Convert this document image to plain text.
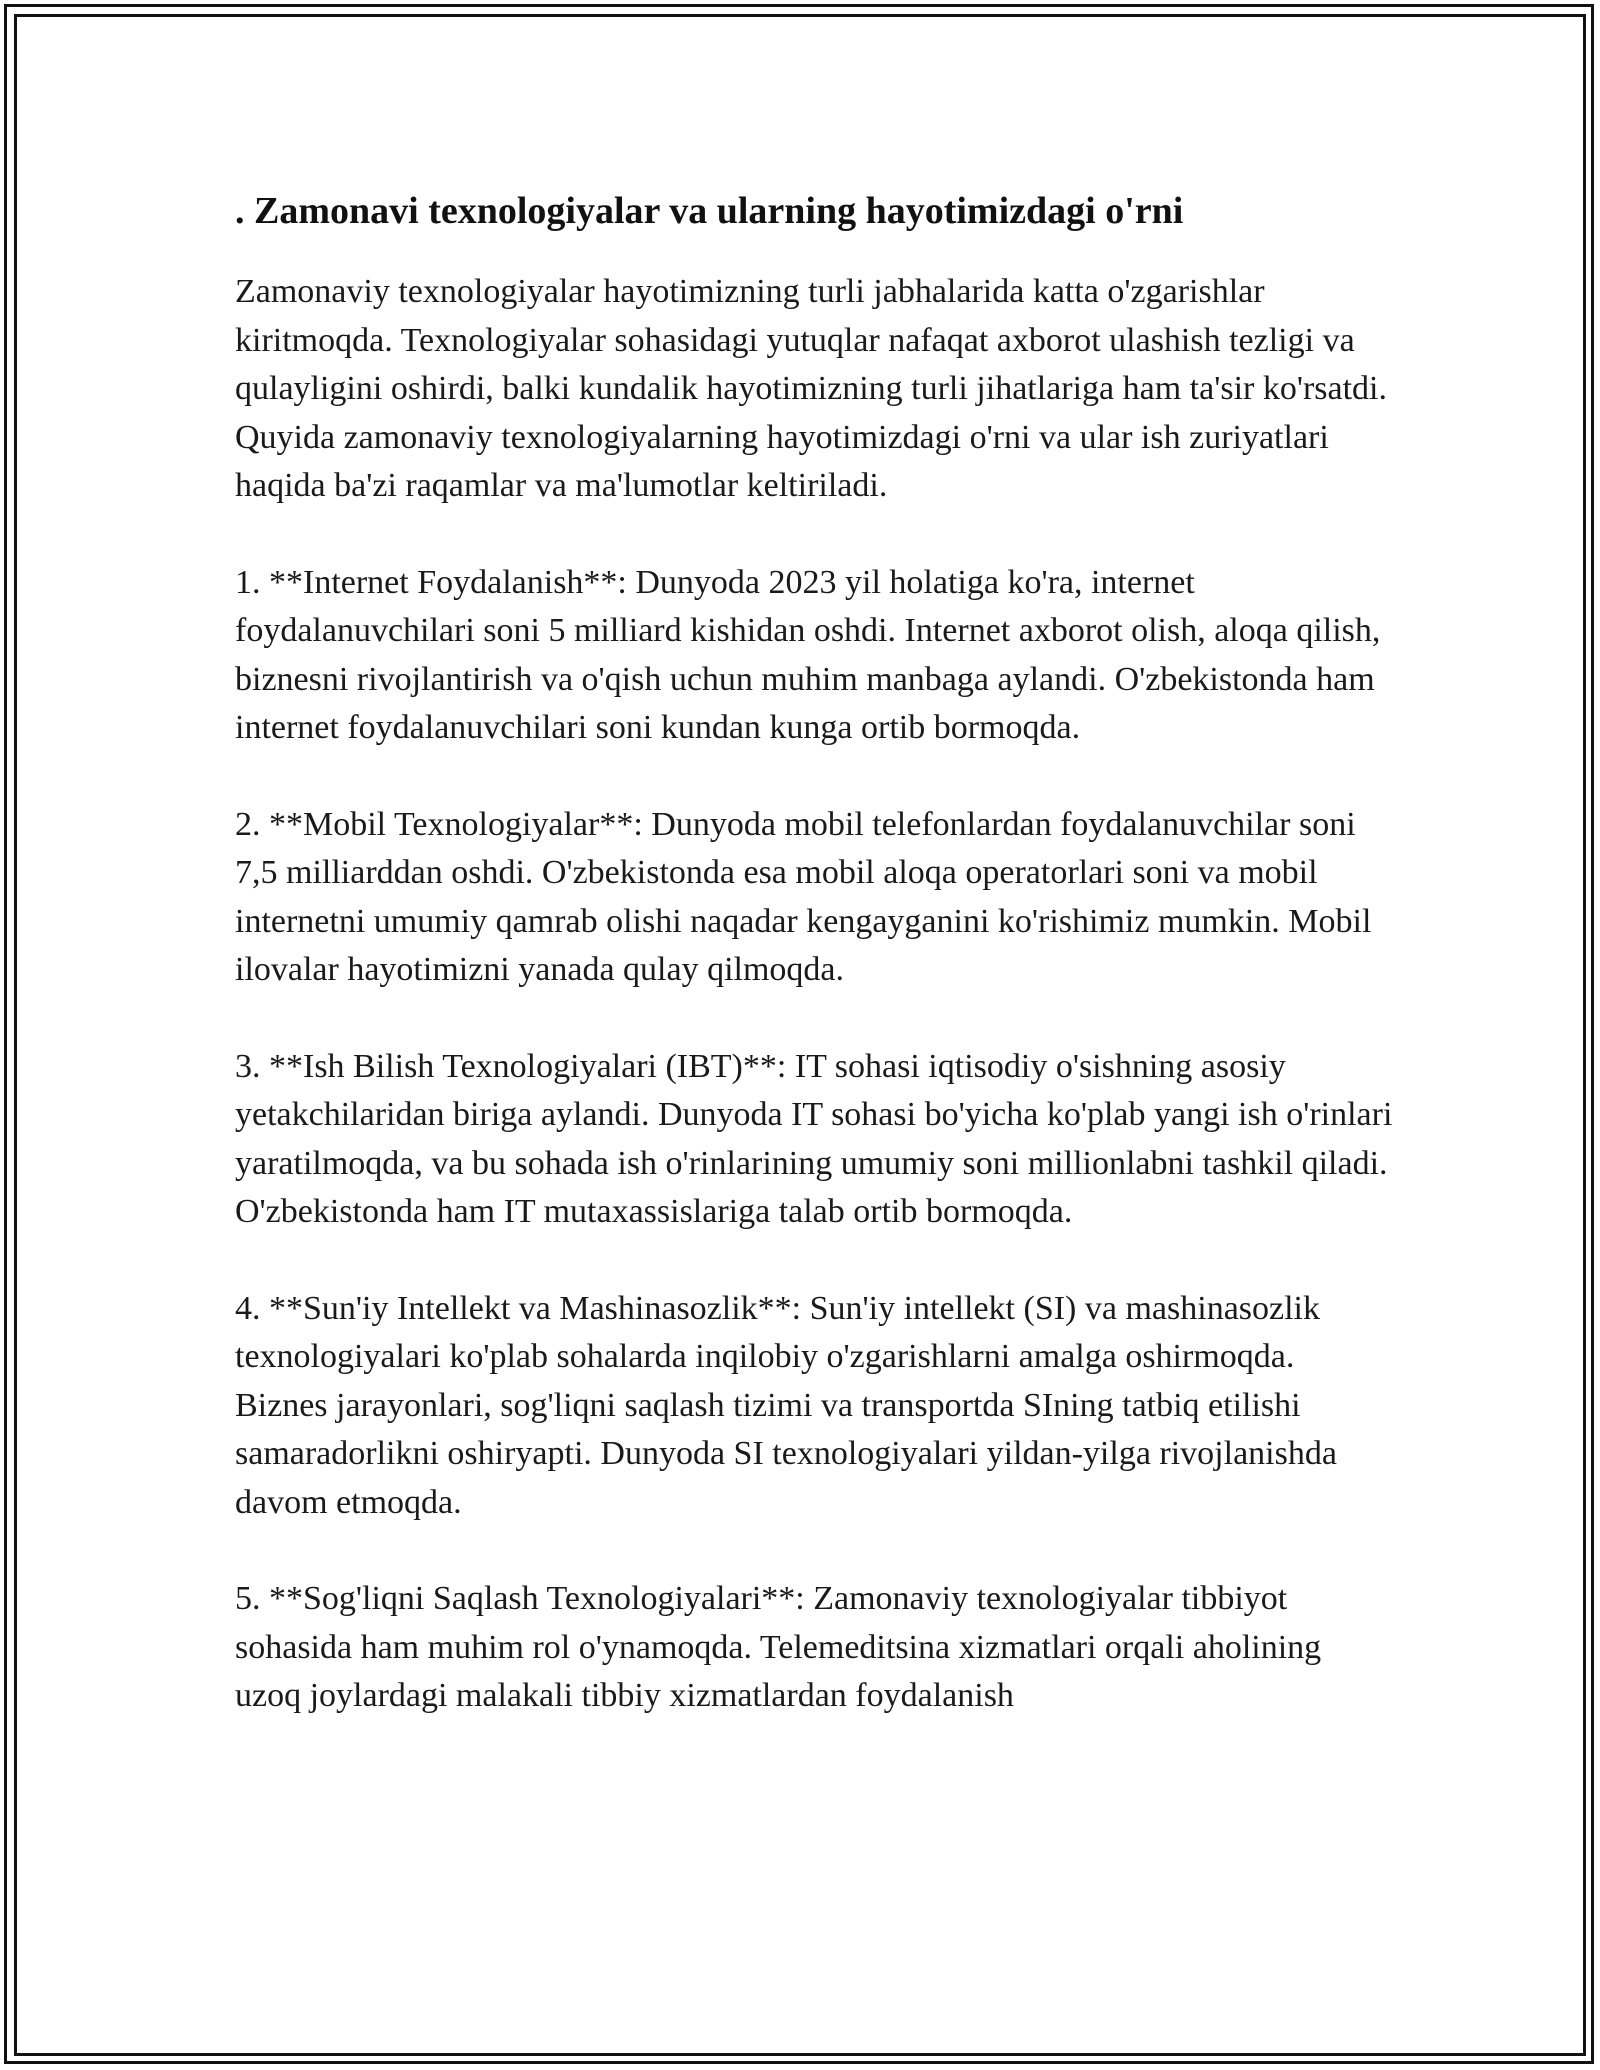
. Zamonavi texnologiyalar va ularning hayotimizdagi o'rni

Zamonaviy texnologiyalar hayotimizning turli jabhalarida katta o'zgarishlar kiritmoqda. Texnologiyalar sohasidagi yutuqlar nafaqat axborot ulashish tezligi va qulayligini oshirdi, balki kundalik hayotimizning turli jihatlariga ham ta'sir ko'rsatdi. Quyida zamonaviy texnologiyalarning hayotimizdagi o'rni va ular ish zuriyatlari haqida ba'zi raqamlar va ma'lumotlar keltiriladi.

1. **Internet Foydalanish**: Dunyoda 2023 yil holatiga ko'ra, internet foydalanuvchilari soni 5 milliard kishidan oshdi. Internet axborot olish, aloqa qilish, biznesni rivojlantirish va o'qish uchun muhim manbaga aylandi. O'zbekistonda ham internet foydalanuvchilari soni kundan kunga ortib bormoqda.

2. **Mobil Texnologiyalar**: Dunyoda mobil telefonlardan foydalanuvchilar soni 7,5 milliarddan oshdi. O'zbekistonda esa mobil aloqa operatorlari soni va mobil internetni umumiy qamrab olishi naqadar kengayganini ko'rishimiz mumkin. Mobil ilovalar hayotimizni yanada qulay qilmoqda.

3. **Ish Bilish Texnologiyalari (IBT)**: IT sohasi iqtisodiy o'sishning asosiy yetakchilaridan biriga aylandi. Dunyoda IT sohasi bo'yicha ko'plab yangi ish o'rinlari yaratilmoqda, va bu sohada ish o'rinlarining umumiy soni millionlabni tashkil qiladi. O'zbekistonda ham IT mutaxassislariga talab ortib bormoqda.

4. **Sun'iy Intellekt va Mashinasozlik**: Sun'iy intellekt (SI) va mashinasozlik texnologiyalari ko'plab sohalarda inqilobiy o'zgarishlarni amalga oshirmoqda. Biznes jarayonlari, sog'liqni saqlash tizimi va transportda SIning tatbiq etilishi samaradorlikni oshiryapti. Dunyoda SI texnologiyalari yildan-yilga rivojlanishda davom etmoqda.

5. **Sog'liqni Saqlash Texnologiyalari**: Zamonaviy texnologiyalar tibbiyot sohasida ham muhim rol o'ynamoqda. Telemeditsina xizmatlari orqali aholining uzoq joylardagi malakali tibbiy xizmatlardan foydalanish
